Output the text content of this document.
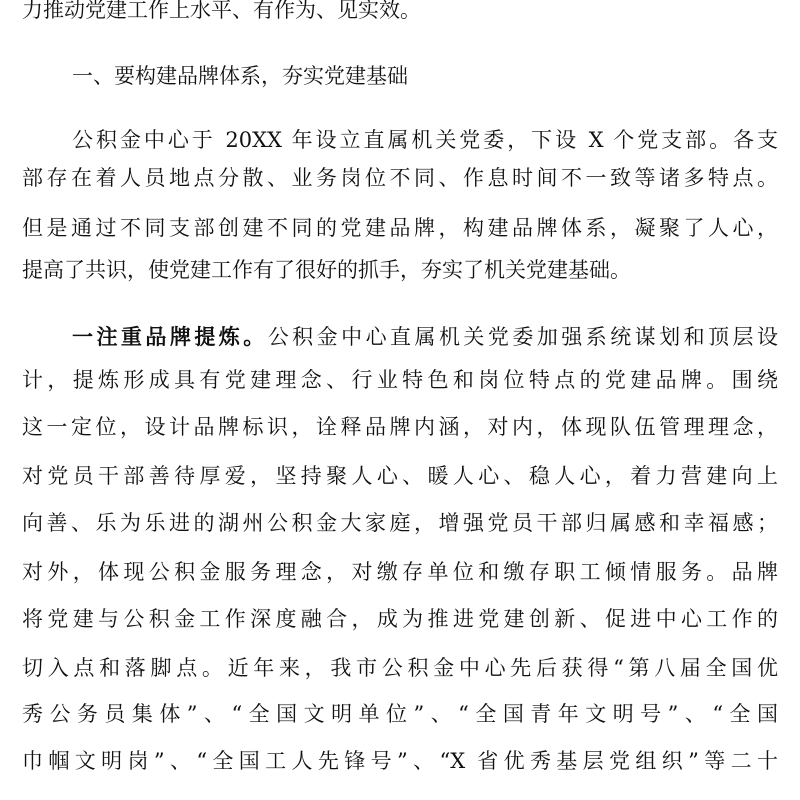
力推动党建工作上水平、有作为、见实效。
一、要构建品牌体系，夯实党建基础
公积金中心于 20XX 年设立直属机关党委，下设 X 个党支部。各支
部存在着人员地点分散、业务岗位不同、作息时间不一致等诸多特点。
但是通过不同支部创建不同的党建品牌，构建品牌体系，凝聚了人心，
提高了共识，使党建工作有了很好的抓手，夯实了机关党建基础。
一注重品牌提炼。公积金中心直属机关党委加强系统谋划和顶层设
计，提炼形成具有党建理念、行业特色和岗位特点的党建品牌。围绕
这一定位，设计品牌标识，诠释品牌内涵，对内，体现队伍管理理念，
对党员干部善待厚爱，坚持聚人心、暖人心、稳人心，着力营建向上
向善、乐为乐进的湖州公积金大家庭，增强党员干部归属感和幸福感；
对外，体现公积金服务理念，对缴存单位和缴存职工倾情服务。品牌
将党建与公积金工作深度融合，成为推进党建创新、促进中心工作的
切入点和落脚点。近年来，我市公积金中心先后获得“第八届全国优
秀公务员集体”、“全国文明单位”、“全国青年文明号”、“全国
巾帼文明岗”、“全国工人先锋号”、“X 省优秀基层党组织”等二十
